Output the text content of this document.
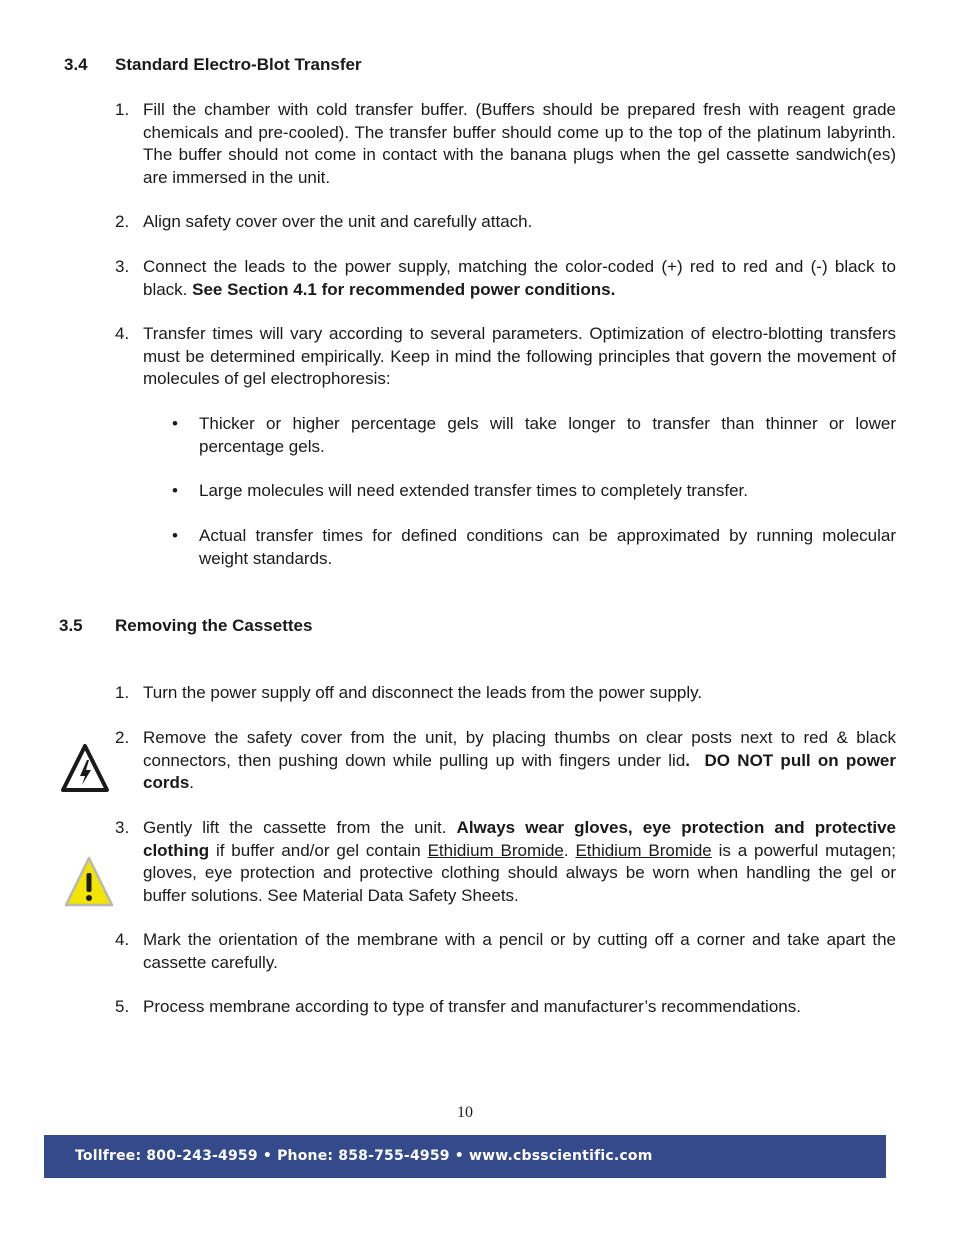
3.4 Standard Electro-Blot Transfer
1. Fill the chamber with cold transfer buffer. (Buffers should be prepared fresh with reagent grade chemicals and pre-cooled). The transfer buffer should come up to the top of the platinum labyrinth. The buffer should not come in contact with the banana plugs when the gel cassette sandwich(es) are immersed in the unit.
2. Align safety cover over the unit and carefully attach.
3. Connect the leads to the power supply, matching the color-coded (+) red to red and (-) black to black. See Section 4.1 for recommended power conditions.
4. Transfer times will vary according to several parameters. Optimization of electro-blotting transfers must be determined empirically. Keep in mind the following principles that govern the movement of molecules of gel electrophoresis:
• Thicker or higher percentage gels will take longer to transfer than thinner or lower percentage gels.
• Large molecules will need extended transfer times to completely transfer.
• Actual transfer times for defined conditions can be approximated by running molecular weight standards.
3.5 Removing the Cassettes
1. Turn the power supply off and disconnect the leads from the power supply.
2. Remove the safety cover from the unit, by placing thumbs on clear posts next to red & black connectors, then pushing down while pulling up with fingers under lid. DO NOT pull on power cords.
3. Gently lift the cassette from the unit. Always wear gloves, eye protection and protective clothing if buffer and/or gel contain Ethidium Bromide. Ethidium Bromide is a powerful mutagen; gloves, eye protection and protective clothing should always be worn when handling the gel or buffer solutions. See Material Data Safety Sheets.
4. Mark the orientation of the membrane with a pencil or by cutting off a corner and take apart the cassette carefully.
5. Process membrane according to type of transfer and manufacturer’s recommendations.
10
Tollfree: 800-243-4959 • Phone: 858-755-4959 • www.cbsscientific.com
